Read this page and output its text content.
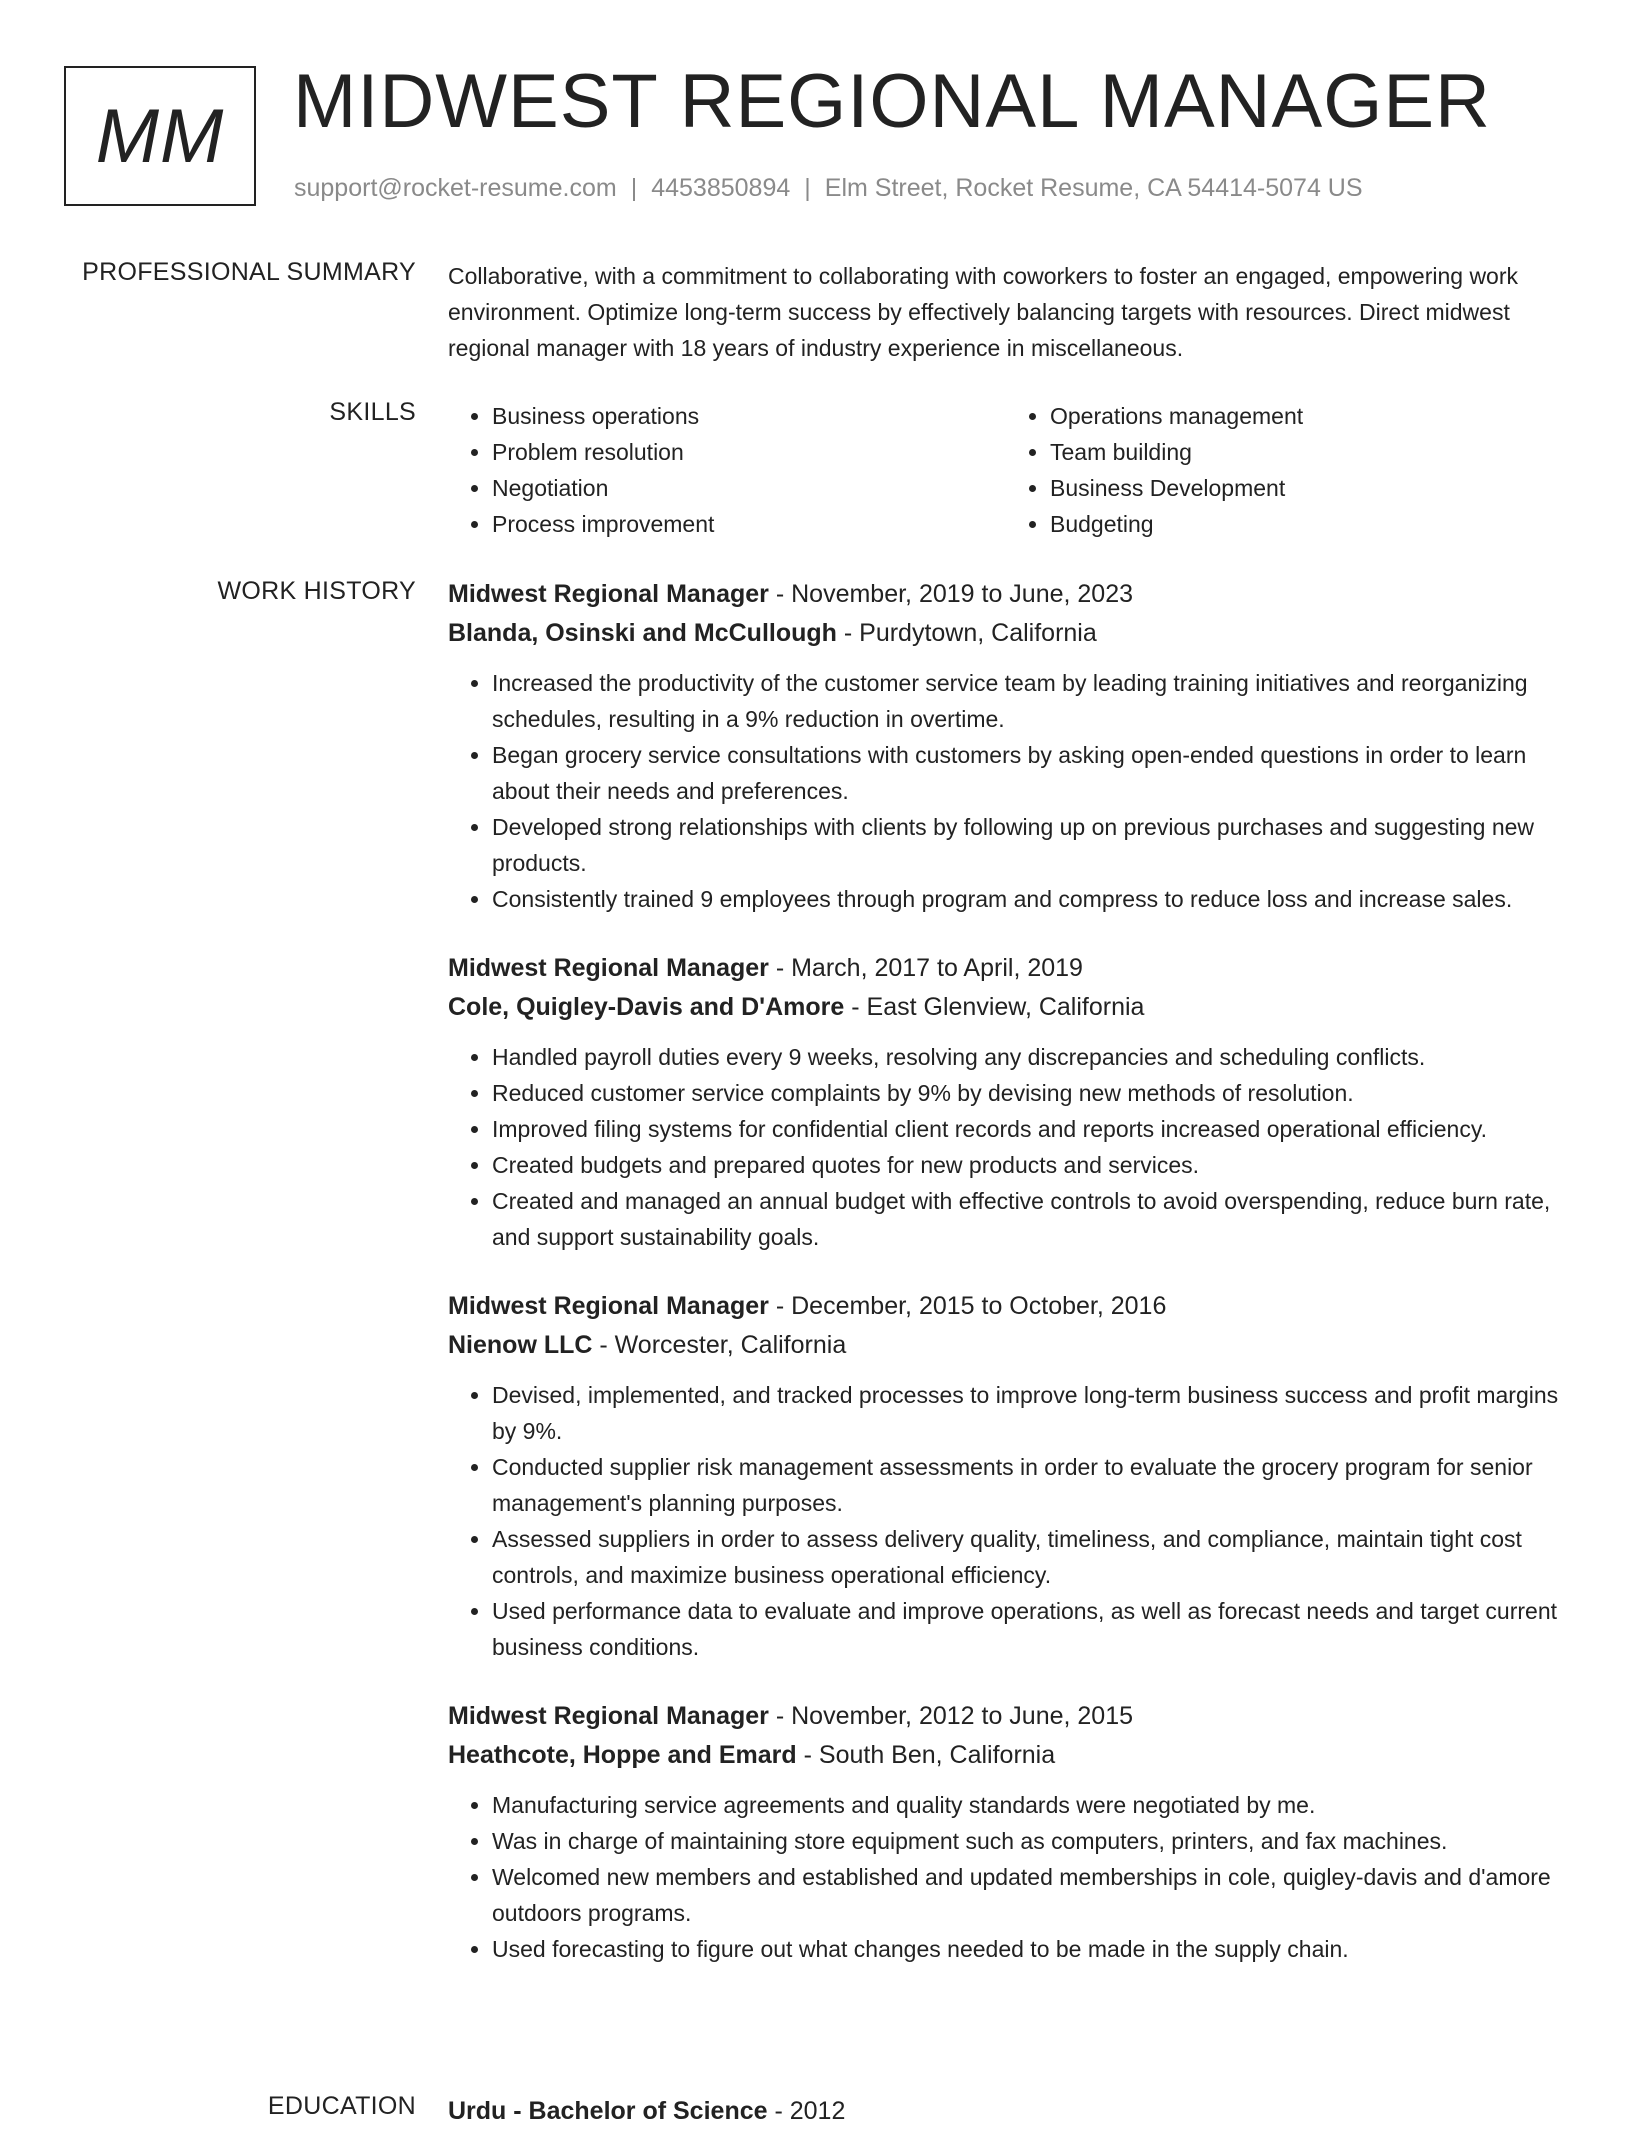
MM MIDWEST REGIONAL MANAGER
support@rocket-resume.com | 4453850894 | Elm Street, Rocket Resume, CA 54414-5074 US
PROFESSIONAL SUMMARY Collaborative, with a commitment to collaborating with coworkers to foster an engaged, empowering work environment. Optimize long-term success by effectively balancing targets with resources. Direct midwest regional manager with 18 years of industry experience in miscellaneous.
SKILLS
•	Business operations
• Problem resolution
• Negotiation
• Process improvement
• Operations management
• Team building
• Business Development
• Budgeting
WORK HISTORY Midwest Regional Manager - November, 2019 to June, 2023
Blanda, Osinski and McCullough - Purdytown, California
• Increased the productivity of the customer service team by leading training initiatives and reorganizing schedules, resulting in a 9% reduction in overtime.
• Began grocery service consultations with customers by asking open-ended questions in order to learn about their needs and preferences.
• Developed strong relationships with clients by following up on previous purchases and suggesting new products.
• Consistently trained 9 employees through program and compress to reduce loss and increase sales.
Midwest Regional Manager - March, 2017 to April, 2019
Cole, Quigley-Davis and D'Amore - East Glenview, California
• Handled payroll duties every 9 weeks, resolving any discrepancies and scheduling conflicts.
• Reduced customer service complaints by 9% by devising new methods of resolution.
• Improved filing systems for confidential client records and reports increased operational efficiency.
• Created budgets and prepared quotes for new products and services.
• Created and managed an annual budget with effective controls to avoid overspending, reduce burn rate, and support sustainability goals.
Midwest Regional Manager - December, 2015 to October, 2016
Nienow LLC - Worcester, California
• Devised, implemented, and tracked processes to improve long-term business success and profit margins by 9%.
• Conducted supplier risk management assessments in order to evaluate the grocery program for senior management's planning purposes.
• Assessed suppliers in order to assess delivery quality, timeliness, and compliance, maintain tight cost controls, and maximize business operational efficiency.
• Used performance data to evaluate and improve operations, as well as forecast needs and target current business conditions.
Midwest Regional Manager - November, 2012 to June, 2015
Heathcote, Hoppe and Emard - South Ben, California
• Manufacturing service agreements and quality standards were negotiated by me.
• Was in charge of maintaining store equipment such as computers, printers, and fax machines.
• Welcomed new members and established and updated memberships in cole, quigley-davis and d'amore outdoors programs.
• Used forecasting to figure out what changes needed to be made in the supply chain.
EDUCATION Urdu - Bachelor of Science - 2012
